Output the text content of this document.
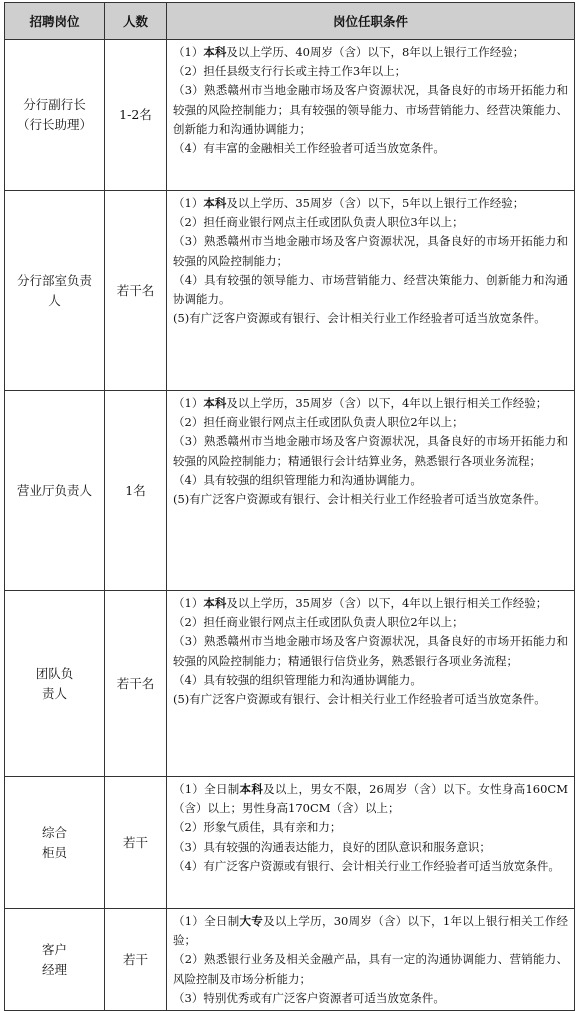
招聘岗位	人数	岗位任职条件

分行副行长
（行长助理）	1-2名	（1）本科及以上学历、40周岁（含）以下，8年以上银行工作经验；
（2）担任县级支行行长或主持工作3年以上；
（3）熟悉赣州市当地金融市场及客户资源状况，具备良好的市场开拓能力和较强的风险控制能力；具有较强的领导能力、市场营销能力、经营决策能力、创新能力和沟通协调能力；
（4）有丰富的金融相关工作经验者可适当放宽条件。

分行部室负责
人	若干名	（1）本科及以上学历、35周岁（含）以下，5年以上银行工作经验；
（2）担任商业银行网点主任或团队负责人职位3年以上；
（3）熟悉赣州市当地金融市场及客户资源状况，具备良好的市场开拓能力和较强的风险控制能力；
（4）具有较强的领导能力、市场营销能力、经营决策能力、创新能力和沟通协调能力。
(5)有广泛客户资源或有银行、会计相关行业工作经验者可适当放宽条件。

营业厅负责人	1名	（1）本科及以上学历，35周岁（含）以下，4年以上银行相关工作经验；
（2）担任商业银行网点主任或团队负责人职位2年以上；
（3）熟悉赣州市当地金融市场及客户资源状况，具备良好的市场开拓能力和较强的风险控制能力；精通银行会计结算业务，熟悉银行各项业务流程；
（4）具有较强的组织管理能力和沟通协调能力。
(5)有广泛客户资源或有银行、会计相关行业工作经验者可适当放宽条件。

团队负
责人	若干名	（1）本科及以上学历，35周岁（含）以下，4年以上银行相关工作经验；
（2）担任商业银行网点主任或团队负责人职位2年以上；
（3）熟悉赣州市当地金融市场及客户资源状况，具备良好的市场开拓能力和较强的风险控制能力；精通银行信贷业务，熟悉银行各项业务流程；
（4）具有较强的组织管理能力和沟通协调能力。
(5)有广泛客户资源或有银行、会计相关行业工作经验者可适当放宽条件。

综合
柜员	若干	（1）全日制本科及以上，男女不限，26周岁（含）以下。女性身高160CM（含）以上；男性身高170CM（含）以上；
（2）形象气质佳，具有亲和力；
（3）具有较强的沟通表达能力，良好的团队意识和服务意识；
（4）有广泛客户资源或有银行、会计相关行业工作经验者可适当放宽条件。

客户
经理	若干	（1）全日制大专及以上学历，30周岁（含）以下，1年以上银行相关工作经验；
（2）熟悉银行业务及相关金融产品，具有一定的沟通协调能力、营销能力、风险控制及市场分析能力；
（3）特别优秀或有广泛客户资源者可适当放宽条件。
